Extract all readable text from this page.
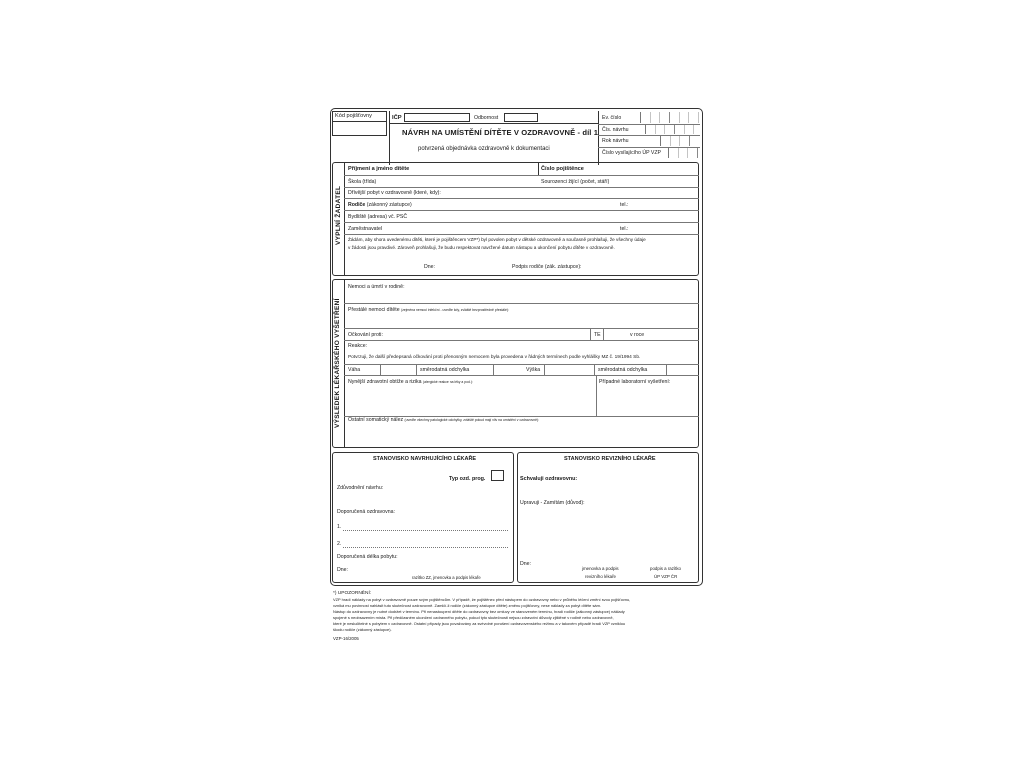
Kód pojišťovny	IČP	Odbornost
NÁVRH NA UMÍSTĚNÍ DÍTĚTE V OZDRAVOVNĚ - díl 1
potvrzená objednávka ozdravovně k dokumentaci
Ev. číslo
Čís. návrhu
Rok návrhu
Číslo vysílajícího ÚP VZP
VYPLNÍ ŽADATEL
Příjmení a jméno dítěte	Číslo pojištěnce
Škola (třída)	Sourozenci žijící (počet, stáří)
Dřívější pobyt v ozdravovně (které, kdy):
Rodiče (zákonný zástupce)	tel.:
Bydliště (adresa) vč. PSČ
Zaměstnavatel	tel.:
Žádám, aby shora uvedenému dítěti, které je pojištěncem VZP*) byl povolen pobyt v dětské ozdravovně a současně prohlašuji, že všechny údaje
v žádosti jsou pravdivé. Zároveň prohlašuji, že budu respektovat navržené datum nástupu a ukončení pobytu dítěte v ozdravovně.
Dne:	Podpis rodiče (zák. zástupce):
VÝSLEDEK LÉKAŘSKÉHO VYŠETŘENÍ
Nemoci a úmrtí v rodině:
Přestálé nemoci dítěte (zejména nemoci infekční - uveďte kdy, zvláště bezprostředně přestálé):
Očkování proti:	TE	v roce
Reakce:
Potvrzuji, že další předepsaná očkování proti přenosným nemocem byla provedena v řádných termínech podle vyhlášky MZ č. 19/1994 Sb.
Váha	směrodatná odchylka	Výška	směrodatná odchylka
Nynější zdravotní obtíže a rizika (alergické reakce na léky a pod.):	Případné laboratorní vyšetření:
Ostatní somatický nález (uveďte všechny patologické odchylky, zvláště pokud mají vliv na umístění v ozdravovně):
STANOVISKO NAVRHUJÍCÍHO LÉKAŘE
Typ ozd. prog.
Zdůvodnění návrhu:
Doporučená ozdravovna:
1.
2.
Doporučená délka pobytu:
Dne:
razítko ZZ, jmenovka a podpis lékaře
STANOVISKO REVIZNÍHO LÉKAŘE
Schvaluji ozdravovnu:
Upravuji - Zamítám (důvod):
Dne:
jmenovka a podpis
revizního lékaře
podpis a razítko
ÚP VZP ČR
*) UPOZORNĚNÍ:
VZP hradí náklady na pobyt v ozdravovně pouze svým pojištěncům. V případě, že pojištěnec před nástupem do ozdravovny nebo v průběhu léčení změní svou pojišťovnu,
vzniká mu povinnost nahlásit tuto skutečnost ozdravovně. Zamlčí-li rodiče (zákonný zástupce dítěte) změnu pojišťovny, nese náklady za pobyt dítěte sám.
Nástup do ozdravovny je nutné dodržet v termínu. Při nenastoupení dítěte do ozdravovny bez omluvy ve stanoveném termínu, hradí rodiče (zákonný zástupce) náklady
spojené s neobsazením místa. Při předčasném ukončení ozdravného pobytu, pokud tyto skutečnosti nejsou zdravotní důvody zjištěné v rodině nebo ozdravovně,
které je neslučitelné s pobytem v ozdravovně. Ostatní případy jsou považovány za svévolné porušení ozdravovenského režimu a v takovém případě hradí VZP vzniklou
škodu rodiče (zákonný zástupce).
VZP-16/2005
